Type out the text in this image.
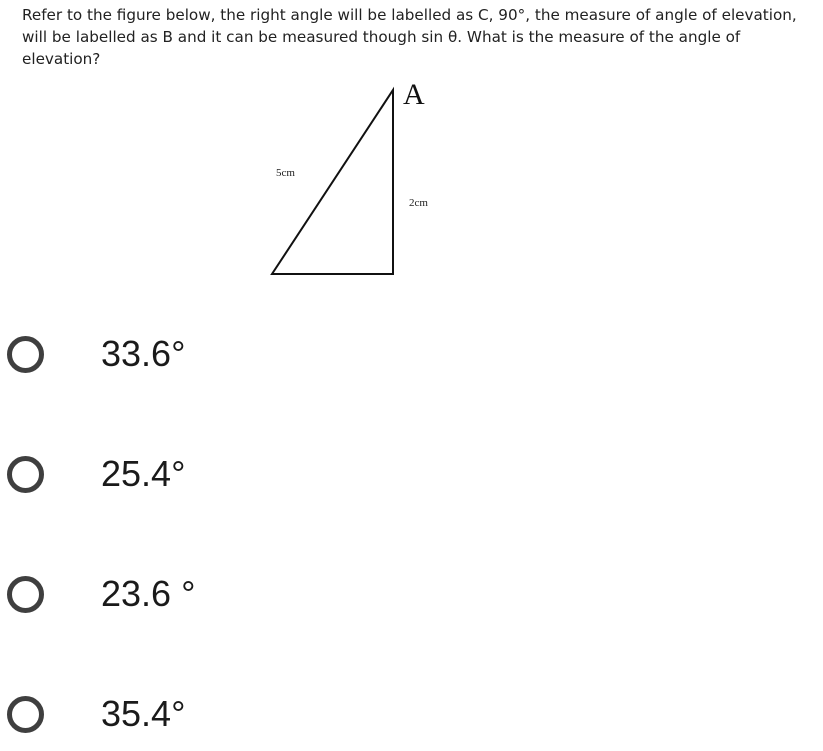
Refer to the figure below, the right angle will be labelled as C, 90°, the measure of angle of elevation, will be labelled as B and it can be measured though sin θ. What is the measure of the angle of elevation?

A
5cm
2cm
33.6°
25.4°
23.6 °
35.4°
